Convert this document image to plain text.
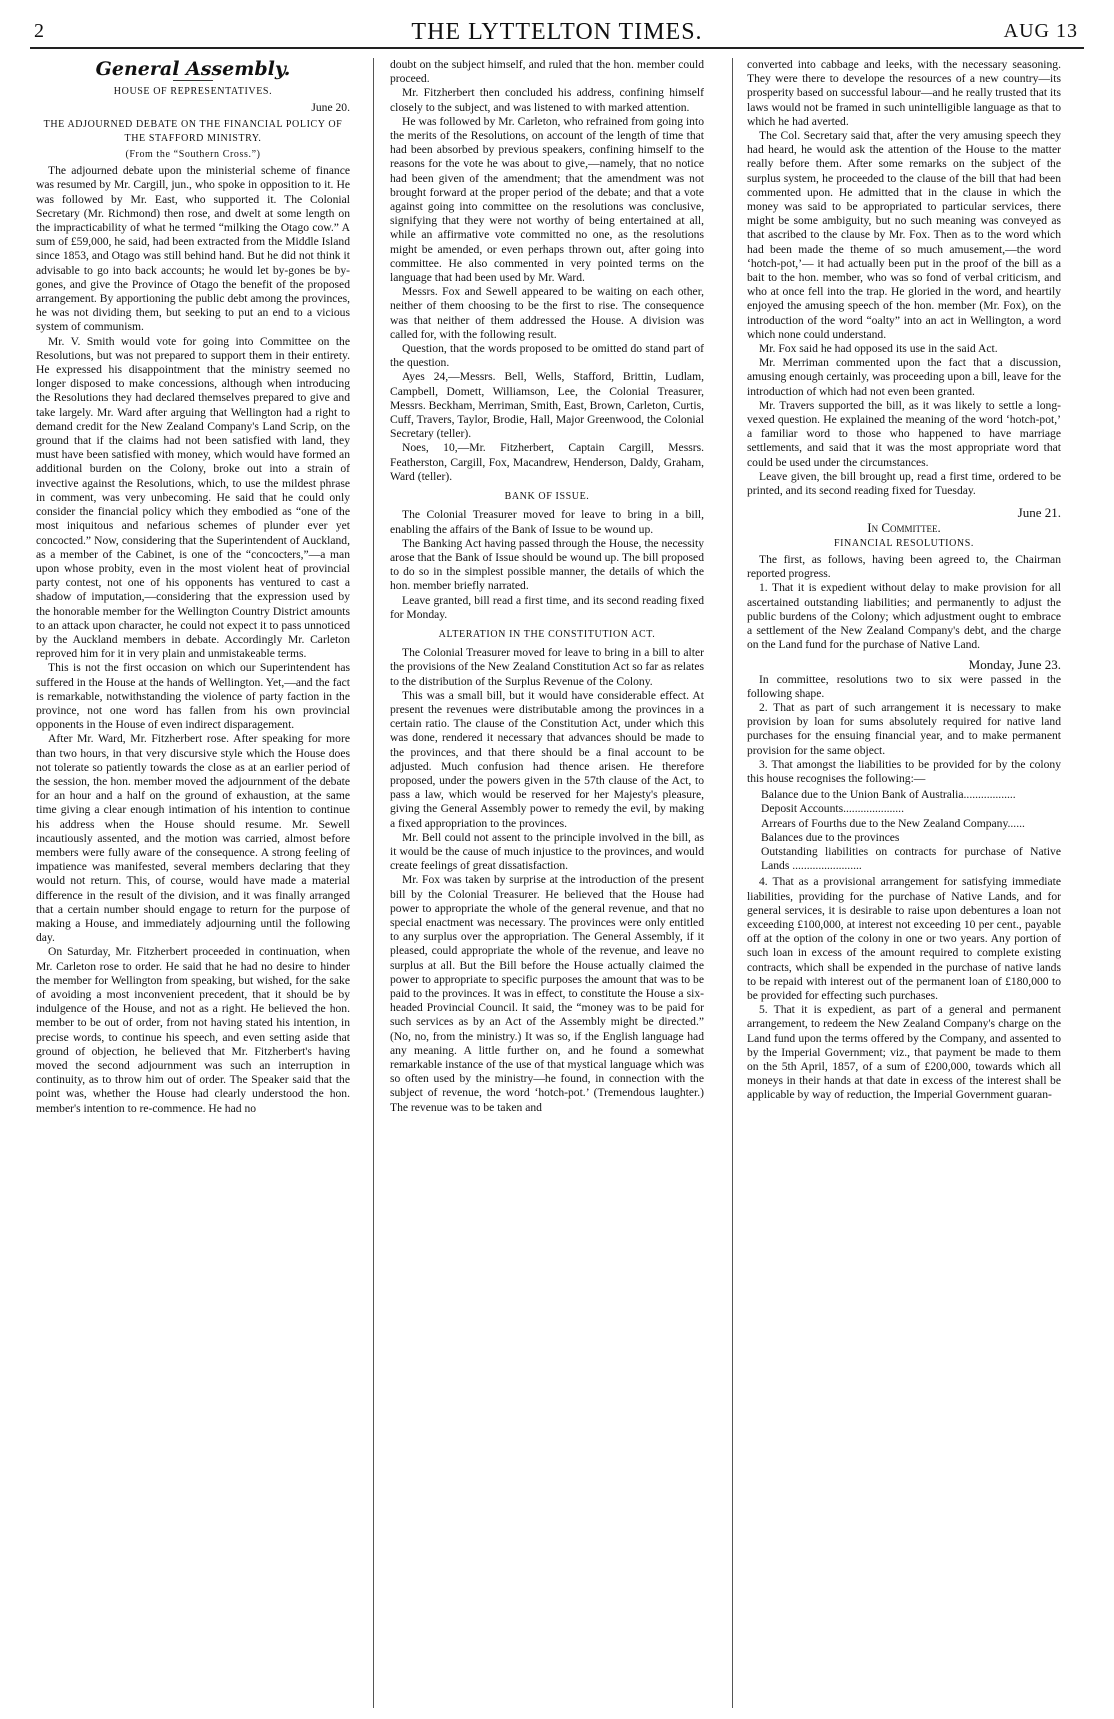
2	THE LYTTELTON TIMES.	AUG 13

General Assembly.

HOUSE OF REPRESENTATIVES.

June 20.

THE ADJOURNED DEBATE ON THE FINANCIAL POLICY OF THE STAFFORD MINISTRY.

(From the “Southern Cross.”)

The adjourned debate upon the ministerial scheme of finance was resumed by Mr. Cargill, jun., who spoke in opposition to it. He was followed by Mr. East, who supported it. The Colonial Secretary (Mr. Richmond) then rose, and dwelt at some length on the impracticability of what he termed “milking the Otago cow.” A sum of £59,000, he said, had been extracted from the Middle Island since 1853, and Otago was still behind hand. But he did not think it advisable to go into back accounts; he would let by-gones be by-gones, and give the Province of Otago the benefit of the proposed arrangement. By apportioning the public debt among the provinces, he was not dividing them, but seeking to put an end to a vicious system of communism.

Mr. V. Smith would vote for going into Committee on the Resolutions, but was not prepared to support them in their entirety. He expressed his disappointment that the ministry seemed no longer disposed to make concessions, although when introducing the Resolutions they had declared themselves prepared to give and take largely. Mr. Ward after arguing that Wellington had a right to demand credit for the New Zealand Company's Land Scrip, on the ground that if the claims had not been satisfied with land, they must have been satisfied with money, which would have formed an additional burden on the Colony, broke out into a strain of invective against the Resolutions, which, to use the mildest phrase in comment, was very unbecoming. He said that he could only consider the financial policy which they embodied as “one of the most iniquitous and nefarious schemes of plunder ever yet concocted.” Now, considering that the Superintendent of Auckland, as a member of the Cabinet, is one of the “concocters,”—a man upon whose probity, even in the most violent heat of provincial party contest, not one of his opponents has ventured to cast a shadow of imputation,—considering that the expression used by the honorable member for the Wellington Country District amounts to an attack upon character, he could not expect it to pass unnoticed by the Auckland members in debate. Accordingly Mr. Carleton reproved him for it in very plain and unmistakeable terms.

This is not the first occasion on which our Superintendent has suffered in the House at the hands of Wellington. Yet,—and the fact is remarkable, notwithstanding the violence of party faction in the province, not one word has fallen from his own provincial opponents in the House of even indirect disparagement.

After Mr. Ward, Mr. Fitzherbert rose. After speaking for more than two hours, in that very discursive style which the House does not tolerate so patiently towards the close as at an earlier period of the session, the hon. member moved the adjournment of the debate for an hour and a half on the ground of exhaustion, at the same time giving a clear enough intimation of his intention to continue his address when the House should resume. Mr. Sewell incautiously assented, and the motion was carried, almost before members were fully aware of the consequence. A strong feeling of impatience was manifested, several members declaring that they would not return. This, of course, would have made a material difference in the result of the division, and it was finally arranged that a certain number should engage to return for the purpose of making a House, and immediately adjourning until the following day.

On Saturday, Mr. Fitzherbert proceeded in continuation, when Mr. Carleton rose to order. He said that he had no desire to hinder the member for Wellington from speaking, but wished, for the sake of avoiding a most inconvenient precedent, that it should be by indulgence of the House, and not as a right. He believed the hon. member to be out of order, from not having stated his intention, in precise words, to continue his speech, and even setting aside that ground of objection, he believed that Mr. Fitzherbert's having moved the second adjournment was such an interruption in continuity, as to throw him out of order. The Speaker said that the point was, whether the House had clearly understood the hon. member's intention to re-commence. He had no

doubt on the subject himself, and ruled that the hon. member could proceed.

Mr. Fitzherbert then concluded his address, confining himself closely to the subject, and was listened to with marked attention.

He was followed by Mr. Carleton, who refrained from going into the merits of the Resolutions, on account of the length of time that had been absorbed by previous speakers, confining himself to the reasons for the vote he was about to give,—namely, that no notice had been given of the amendment; that the amendment was not brought forward at the proper period of the debate; and that a vote against going into committee on the resolutions was conclusive, signifying that they were not worthy of being entertained at all, while an affirmative vote committed no one, as the resolutions might be amended, or even perhaps thrown out, after going into committee. He also commented in very pointed terms on the language that had been used by Mr. Ward.

Messrs. Fox and Sewell appeared to be waiting on each other, neither of them choosing to be the first to rise. The consequence was that neither of them addressed the House. A division was called for, with the following result.

Question, that the words proposed to be omitted do stand part of the question.

Ayes 24,—Messrs. Bell, Wells, Stafford, Brittin, Ludlam, Campbell, Domett, Williamson, Lee, the Colonial Treasurer, Messrs. Beckham, Merriman, Smith, East, Brown, Carleton, Curtis, Cuff, Travers, Taylor, Brodie, Hall, Major Greenwood, the Colonial Secretary (teller).

Noes, 10,—Mr. Fitzherbert, Captain Cargill, Messrs. Featherston, Cargill, Fox, Macandrew, Henderson, Daldy, Graham, Ward (teller).

BANK OF ISSUE.

The Colonial Treasurer moved for leave to bring in a bill, enabling the affairs of the Bank of Issue to be wound up.

The Banking Act having passed through the House, the necessity arose that the Bank of Issue should be wound up. The bill proposed to do so in the simplest possible manner, the details of which the hon. member briefly narrated.

Leave granted, bill read a first time, and its second reading fixed for Monday.

ALTERATION IN THE CONSTITUTION ACT.

The Colonial Treasurer moved for leave to bring in a bill to alter the provisions of the New Zealand Constitution Act so far as relates to the distribution of the Surplus Revenue of the Colony.

This was a small bill, but it would have considerable effect. At present the revenues were distributable among the provinces in a certain ratio. The clause of the Constitution Act, under which this was done, rendered it necessary that advances should be made to the provinces, and that there should be a final account to be adjusted. Much confusion had thence arisen. He therefore proposed, under the powers given in the 57th clause of the Act, to pass a law, which would be reserved for her Majesty's pleasure, giving the General Assembly power to remedy the evil, by making a fixed appropriation to the provinces.

Mr. Bell could not assent to the principle involved in the bill, as it would be the cause of much injustice to the provinces, and would create feelings of great dissatisfaction.

Mr. Fox was taken by surprise at the introduction of the present bill by the Colonial Treasurer. He believed that the House had power to appropriate the whole of the general revenue, and that no special enactment was necessary. The provinces were only entitled to any surplus over the appropriation. The General Assembly, if it pleased, could appropriate the whole of the revenue, and leave no surplus at all. But the Bill before the House actually claimed the power to appropriate to specific purposes the amount that was to be paid to the provinces. It was in effect, to constitute the House a six-headed Provincial Council. It said, the “money was to be paid for such services as by an Act of the Assembly might be directed.” (No, no, from the ministry.) It was so, if the English language had any meaning. A little further on, and he found a somewhat remarkable instance of the use of that mystical language which was so often used by the ministry—he found, in connection with the subject of revenue, the word ‘hotch-pot.’ (Tremendous laughter.) The revenue was to be taken and

converted into cabbage and leeks, with the necessary seasoning. They were there to develope the resources of a new country—its prosperity based on successful labour—and he really trusted that its laws would not be framed in such unintelligible language as that to which he had averted.

The Col. Secretary said that, after the very amusing speech they had heard, he would ask the attention of the House to the matter really before them. After some remarks on the subject of the surplus system, he proceeded to the clause of the bill that had been commented upon. He admitted that in the clause in which the money was said to be appropriated to particular services, there might be some ambiguity, but no such meaning was conveyed as that ascribed to the clause by Mr. Fox. Then as to the word which had been made the theme of so much amusement,—the word ‘hotch-pot,’— it had actually been put in the proof of the bill as a bait to the hon. member, who was so fond of verbal criticism, and who at once fell into the trap. He gloried in the word, and heartily enjoyed the amusing speech of the hon. member (Mr. Fox), on the introduction of the word “oalty” into an act in Wellington, a word which none could understand.

Mr. Fox said he had opposed its use in the said Act.

Mr. Merriman commented upon the fact that a discussion, amusing enough certainly, was proceeding upon a bill, leave for the introduction of which had not even been granted.

Mr. Travers supported the bill, as it was likely to settle a long-vexed question. He explained the meaning of the word ‘hotch-pot,’ a familiar word to those who happened to have marriage settlements, and said that it was the most appropriate word that could be used under the circumstances.

Leave given, the bill brought up, read a first time, ordered to be printed, and its second reading fixed for Tuesday.

June 21.

In Committee.

FINANCIAL RESOLUTIONS.

The first, as follows, having been agreed to, the Chairman reported progress.

1. That it is expedient without delay to make provision for all ascertained outstanding liabilities; and permanently to adjust the public burdens of the Colony; which adjustment ought to embrace a settlement of the New Zealand Company's debt, and the charge on the Land fund for the purchase of Native Land.

Monday, June 23.

In committee, resolutions two to six were passed in the following shape.

2. That as part of such arrangement it is necessary to make provision by loan for sums absolutely required for native land purchases for the ensuing financial year, and to make permanent provision for the same object.

3. That amongst the liabilities to be provided for by the colony this house recognises the following:—

Balance due to the Union Bank of Australia..................
Deposit Accounts.....................
Arrears of Fourths due to the New Zealand Company......
Balances due to the provinces
Outstanding liabilities on contracts for purchase of Native Lands ........................

4. That as a provisional arrangement for satisfying immediate liabilities, providing for the purchase of Native Lands, and for general services, it is desirable to raise upon debentures a loan not exceeding £100,000, at interest not exceeding 10 per cent., payable off at the option of the colony in one or two years. Any portion of such loan in excess of the amount required to complete existing contracts, which shall be expended in the purchase of native lands to be repaid with interest out of the permanent loan of £180,000 to be provided for effecting such purchases.

5. That it is expedient, as part of a general and permanent arrangement, to redeem the New Zealand Company's charge on the Land fund upon the terms offered by the Company, and assented to by the Imperial Government; viz., that payment be made to them on the 5th April, 1857, of a sum of £200,000, towards which all moneys in their hands at that date in excess of the interest shall be applicable by way of reduction, the Imperial Government guaran-
